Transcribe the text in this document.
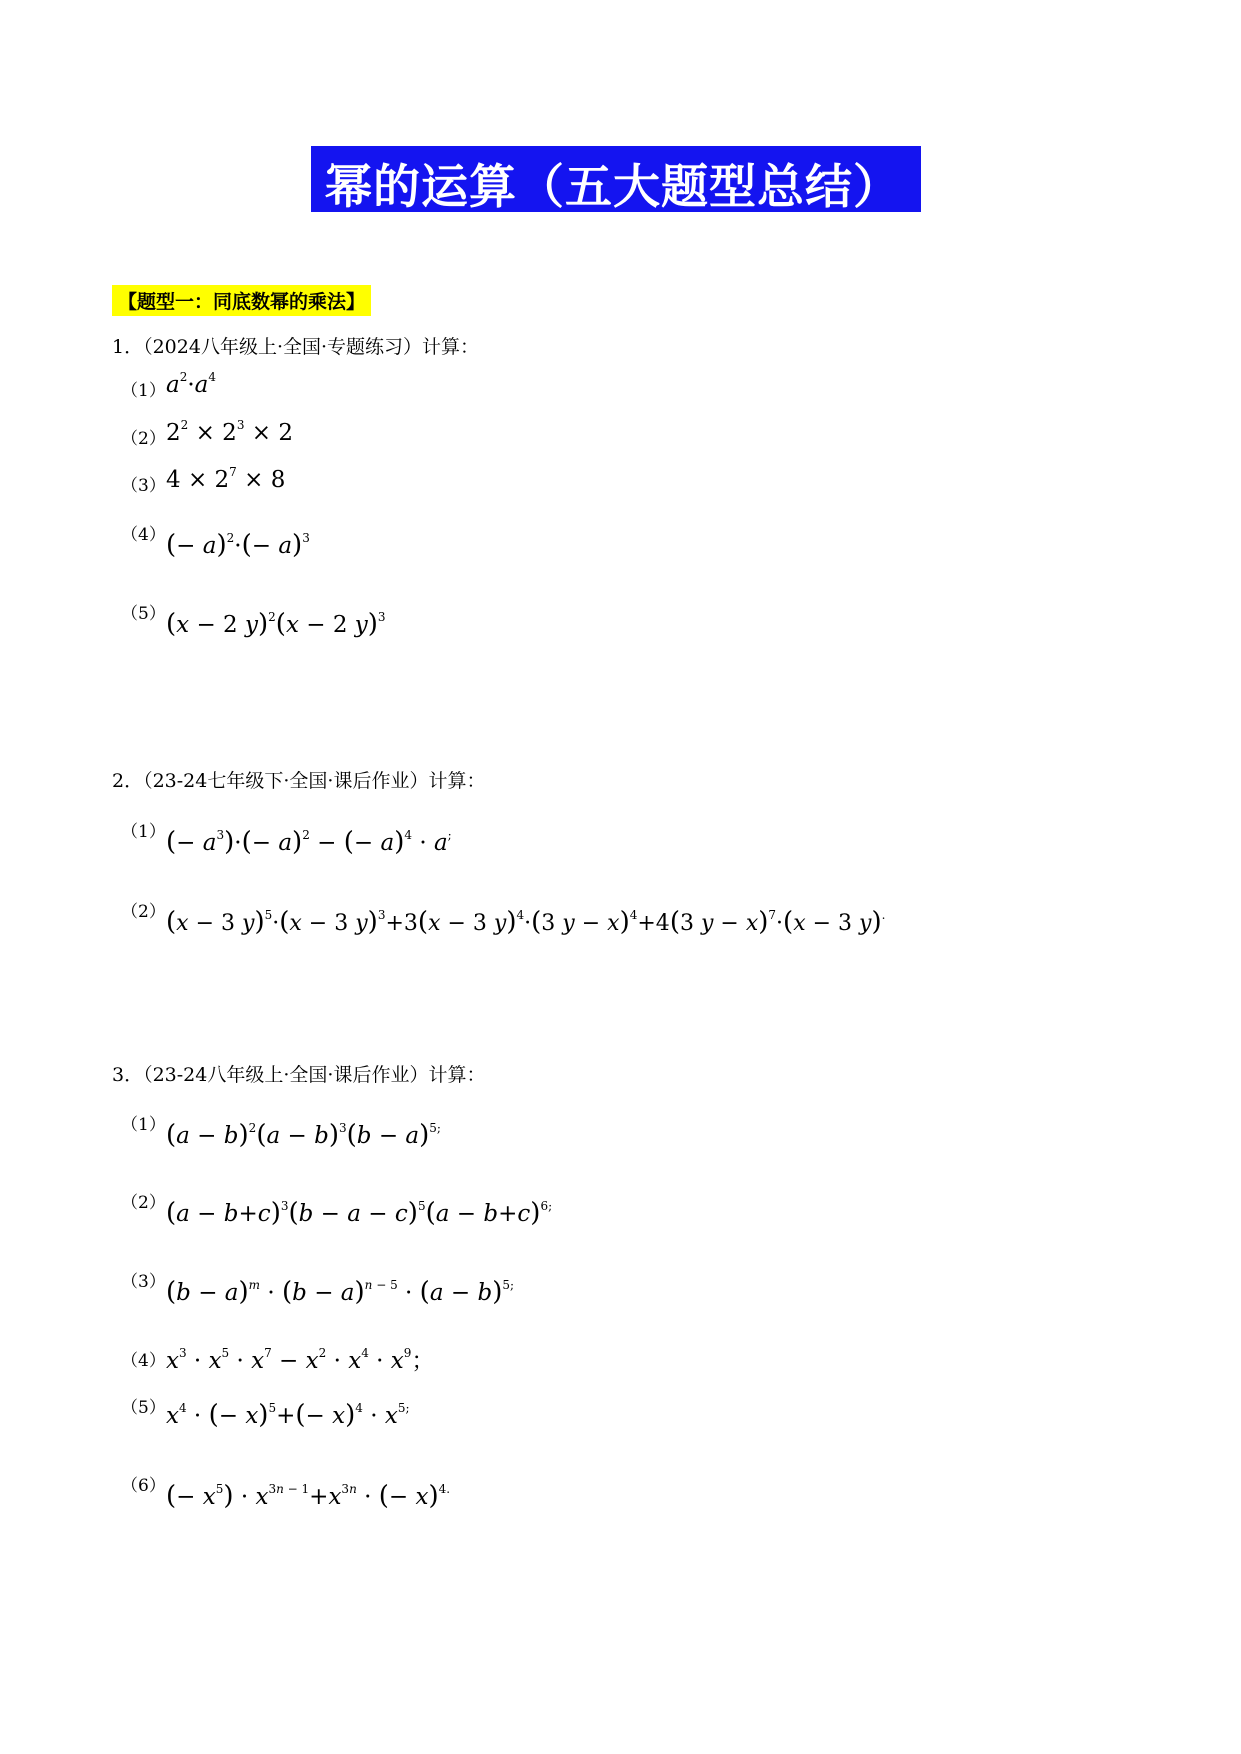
幂的运算（五大题型总结）
【题型一：同底数幂的乘法】
1．（2024八年级上·全国·专题练习）计算：
（1） $a^2\cdot a^4$
（2） $2^2 \times 2^3 \times 2$
（3） $4 \times 2^7 \times 8$
（4） (− $a)^2\cdot(- a)^3$
（5） (x − 2 y)$^2$(x − 2 y)$^3$
2．（23-24七年级下·全国·课后作业）计算：
（1） (− $a^3)\cdot(- a)^2$ − (− a)$^4$ · a;
（2） (x − 3 y)$^5$·(x − 3 y)$^3$+3(x − 3 y)$^4$·(3 y − x)$^4$+4(3 y − x)$^7$·(x − 3 y).
3．（23-24八年级上·全国·课后作业）计算：
（1） $(a - b)^2(a - b)^3(b - a)^{5;}$
（2） $(a - b+c)^3(b - a - c)^5(a - b+c)^{6;}$
（3） $(b - a)^m \cdot (b - a)^{n - 5} \cdot (a - b)^{5;}$
（4） $x^3 \cdot x^5 \cdot x^7 - x^2 \cdot x^4 \cdot x^9$；
（5） $x^4$ · (− $x)^5+(- x)^4 \cdot x^{5;}$
（6） (− $x^5) \cdot x^{3n - 1}+x^{3n}$ · (− x)$^{4.}$
